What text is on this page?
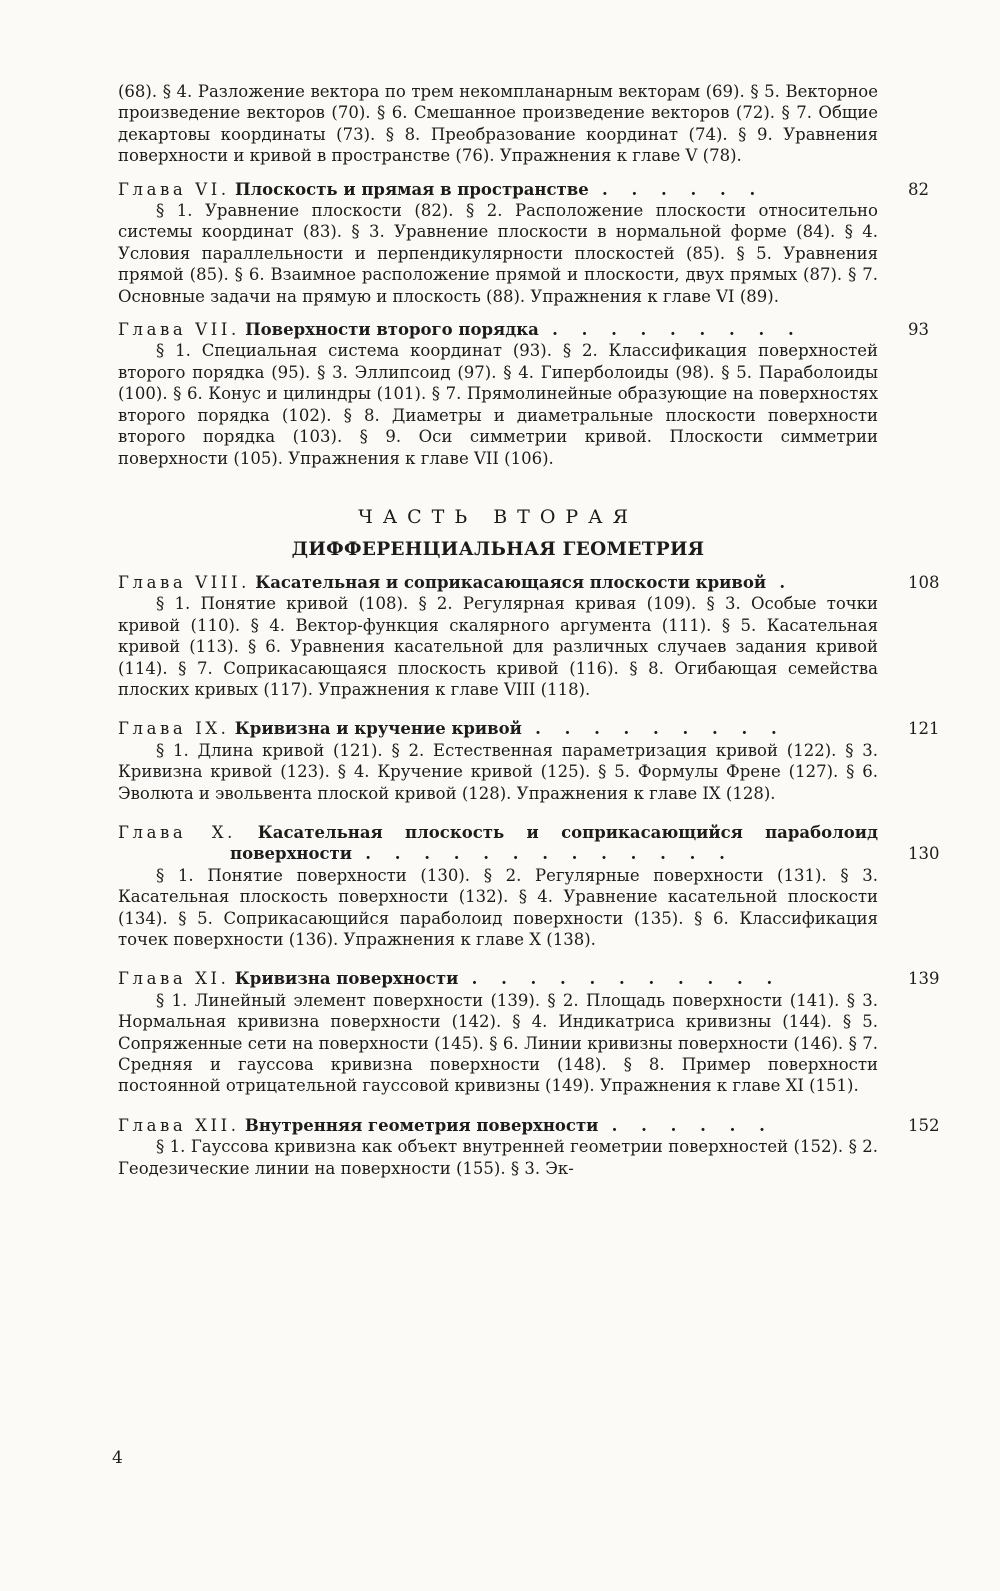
(68). § 4. Разложение вектора по трем некомпланарным векторам (69). § 5. Векторное произведение векторов (70). § 6. Смешанное произведение векторов (72). § 7. Общие декартовы координаты (73). § 8. Преобразование координат (74). § 9. Уравнения поверхности и кривой в пространстве (76). Упражнения к главе V (78).

Глава VI. Плоскость и прямая в пространстве . . . . . .	82

§ 1. Уравнение плоскости (82). § 2. Расположение плоскости относительно системы координат (83). § 3. Уравнение плоскости в нормальной форме (84). § 4. Условия параллельности и перпендикулярности плоскостей (85). § 5. Уравнения прямой (85). § 6. Взаимное расположение прямой и плоскости, двух прямых (87). § 7. Основные задачи на прямую и плоскость (88). Упражнения к главе VI (89).

Глава VII. Поверхности второго порядка . . . . . . . . .	93

§ 1. Специальная система координат (93). § 2. Классификация поверхностей второго порядка (95). § 3. Эллипсоид (97). § 4. Гиперболоиды (98). § 5. Параболоиды (100). § 6. Конус и цилиндры (101). § 7. Прямолинейные образующие на поверхностях второго порядка (102). § 8. Диаметры и диаметральные плоскости поверхности второго порядка (103). § 9. Оси симметрии кривой. Плоскости симметрии поверхности (105). Упражнения к главе VII (106).

ЧАСТЬ ВТОРАЯ
ДИФФЕРЕНЦИАЛЬНАЯ ГЕОМЕТРИЯ
Глава VIII. Касательная и соприкасающаяся плоскости кривой .	108

§ 1. Понятие кривой (108). § 2. Регулярная кривая (109). § 3. Особые точки кривой (110). § 4. Вектор-функция скалярного аргумента (111). § 5. Касательная кривой (113). § 6. Уравнения касательной для различных случаев задания кривой (114). § 7. Соприкасающаяся плоскость кривой (116). § 8. Огибающая семейства плоских кривых (117). Упражнения к главе VIII (118).

Глава IX. Кривизна и кручение кривой . . . . . . . . .	121

§ 1. Длина кривой (121). § 2. Естественная параметризация кривой (122). § 3. Кривизна кривой (123). § 4. Кручение кривой (125). § 5. Формулы Френе (127). § 6. Эволюта и эвольвента плоской кривой (128). Упражнения к главе IX (128).

Глава X. Касательная плоскость и соприкасающийся параболоид
поверхности . . . . . . . . . . . . .	130

§ 1. Понятие поверхности (130). § 2. Регулярные поверхности (131). § 3. Касательная плоскость поверхности (132). § 4. Уравнение касательной плоскости (134). § 5. Соприкасающийся параболоид поверхности (135). § 6. Классификация точек поверхности (136). Упражнения к главе X (138).

Глава XI. Кривизна поверхности . . . . . . . . . . .	139

§ 1. Линейный элемент поверхности (139). § 2. Площадь поверхности (141). § 3. Нормальная кривизна поверхности (142). § 4. Индикатриса кривизны (144). § 5. Сопряженные сети на поверхности (145). § 6. Линии кривизны поверхности (146). § 7. Средняя и гауссова кривизна поверхности (148). § 8. Пример поверхности постоянной отрицательной гауссовой кривизны (149). Упражнения к главе XI (151).

Глава XII. Внутренняя геометрия поверхности . . . . . .	152

§ 1. Гауссова кривизна как объект внутренней геометрии поверхностей (152). § 2. Геодезические линии на поверхности (155). § 3. Эк-

4
